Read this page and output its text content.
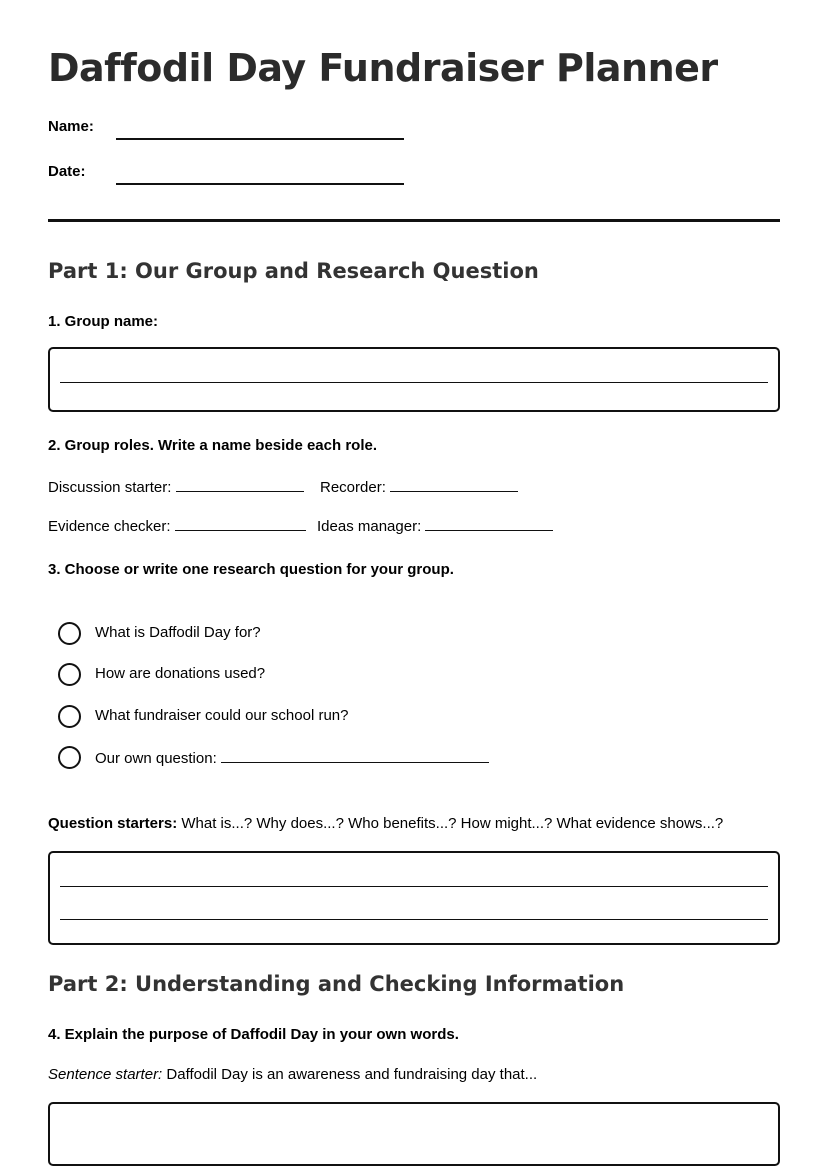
Daffodil Day Fundraiser Planner
Name:
Date:
Part 1: Our Group and Research Question
1. Group name:
2. Group roles. Write a name beside each role.
Discussion starter:	Recorder:
Evidence checker:	Ideas manager:
3. Choose or write one research question for your group.
What is Daffodil Day for?
How are donations used?
What fundraiser could our school run?
Our own question:
Question starters: What is...? Why does...? Who benefits...? How might...? What evidence shows...?
Part 2: Understanding and Checking Information
4. Explain the purpose of Daffodil Day in your own words.
Sentence starter: Daffodil Day is an awareness and fundraising day that...
